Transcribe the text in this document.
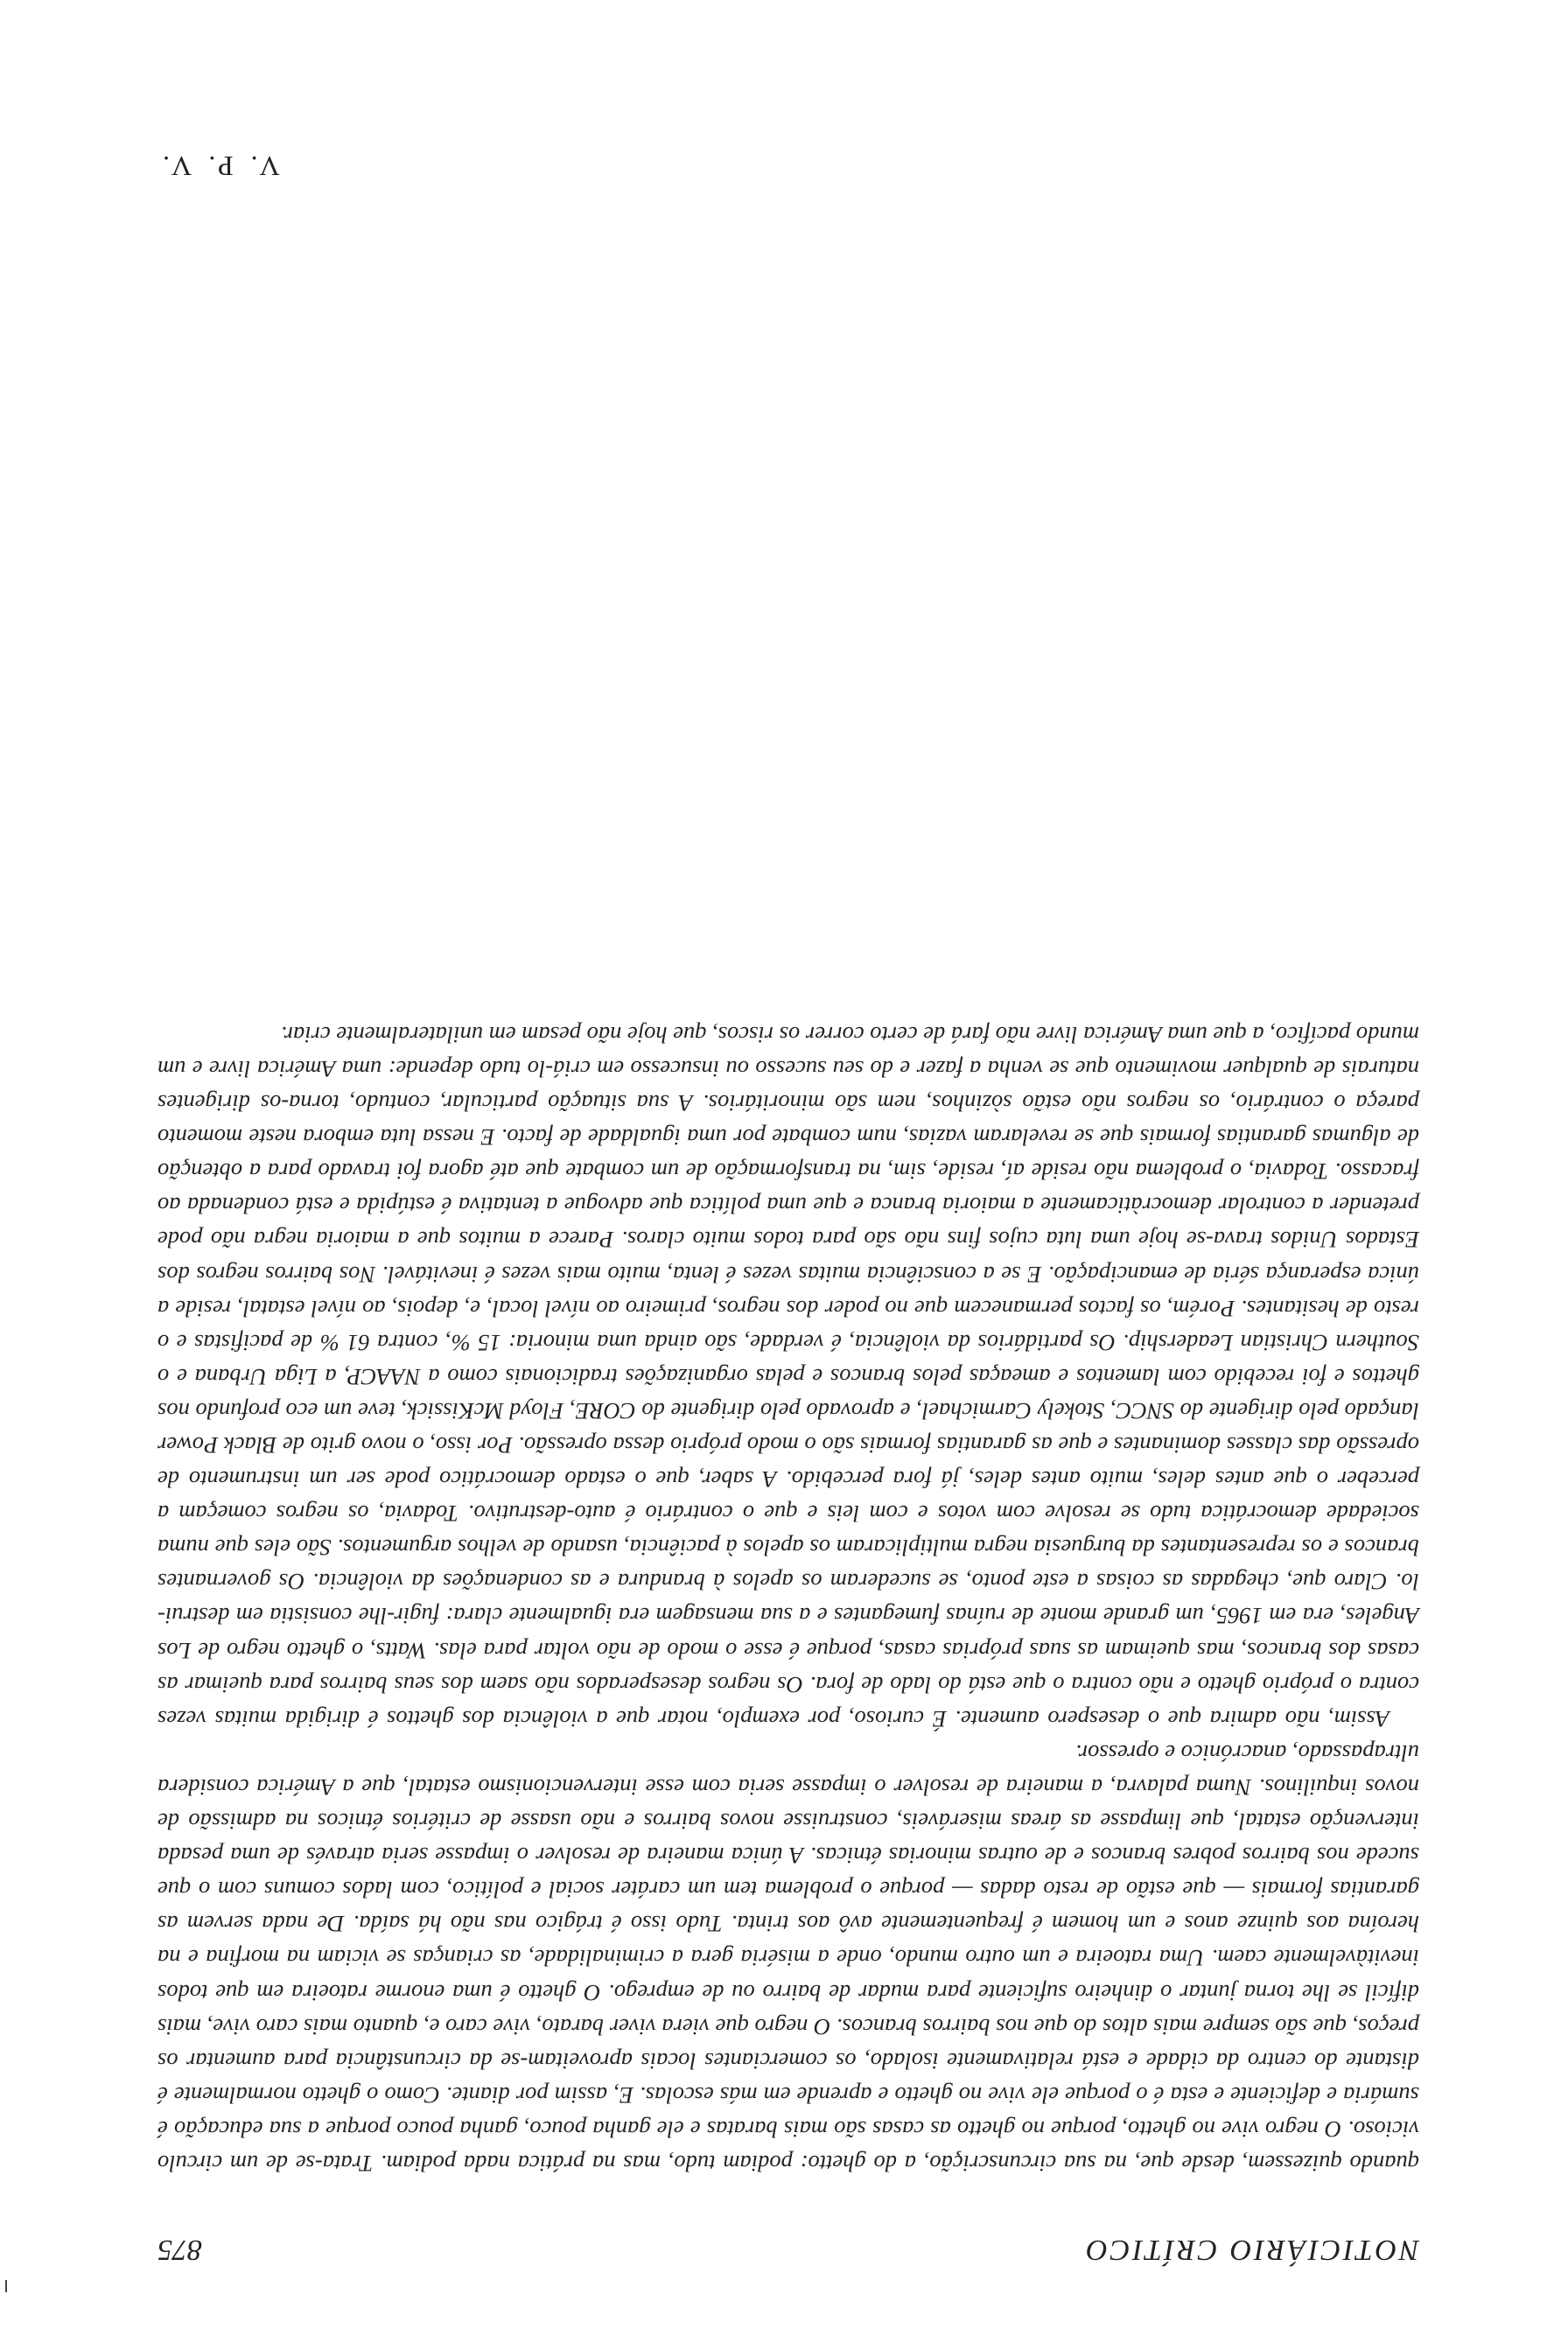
NOTICIÁRIO CRÍTICO
875

quando quizessem, desde que, na sua circunscrição, a do ghetto: podiam tudo, mas na prática nada podiam. Trata-se de um circulo vicioso. O negro vive no ghetto, porque no ghetto as casas são mais baratas e ele ganha pouco, ganha pouco porque a sua educação é sumária e deficiente e esta é o porque ele vive no ghetto e aprende em más escolas. E, assim por diante. Como o ghetto normalmente é distante do centro da cidade e está relativamente isolado, os comerciantes locais aproveitam-se da circunstância para aumentar os preços, que são sempre mais altos do que nos bairros brancos. O negro que viera viver barato, vive caro e, quanto mais caro vive, mais difícil se lhe torna juntar o dinheiro suficiente para mudar de bairro ou de emprego. O ghetto é uma enorme ratoeira em que todos inevitàvelmente caem. Uma ratoeira e um outro mundo, onde a miséria gera a criminalidade, as crianças se viciam na morfina e na heroína aos quinze anos e um homem é frequentemente avô aos trinta. Tudo isso é trágico nas não há saída. De nada servem as garantias formais — que estão de resto dadas — porque o problema tem um caráter social e político, com lados comuns com o que sucede nos bairros pobres brancos e de outras minorias étnicas. A única maneira de resolver o impasse seria através de uma pesada intervenção estatal, que limpasse as áreas miseráveis, construisse novos bairros e não usasse de critérios étnicos na admissão de novos inquilinos. Numa palavra, a maneira de resolver o impasse seria com esse intervencionismo estatal, que a América considera ultrapassado, anacrónico e opressor.

Assim, não admira que o desespero aumente. É curioso, por exemplo, notar que a violência dos ghettos é dirigida muitas vezes contra o próprio ghetto e não contra o que está do lado de fora. Os negros desesperados não saem dos seus bairros para queimar as casas dos brancos, mas queimam as suas próprias casas, porque é esse o modo de não voltar para elas. Watts, o ghetto negro de Los Angeles, era em 1965, um grande monte de ruínas fumegantes e a sua mensagem era igualmente clara: fugir-lhe consistia em destrui-lo. Claro que, chegadas as coisas a este ponto, se sucederam os apelos à brandura e as condenações da violência. Os governantes brancos e os representantes da burguesia negra multiplicaram os apelos à paciência, usando de velhos argumentos. São eles que numa sociedade democrática tudo se resolve com votos e com leis e que o contrário é auto-destrutivo. Todavia, os negros começam a perceber o que antes deles, muito antes deles, já fora percebido. A saber, que o estado democrático pode ser um instrumento de opressão das classes dominantes e que as garantias formais são o modo próprio dessa opressão. Por isso, o novo grito de Black Power lançado pelo dirigente do SNCC, Stokely Carmichael, e aprovado pelo dirigente do CORE, Floyd McKissick, teve um eco profundo nos ghettos e foi recebido com lamentos e ameaças pelos brancos e pelas organizações tradicionais como a NAACP, a Liga Urbana e o Southern Christian Leadership. Os partidários da violência, é verdade, são ainda uma minoria: 15 %, contra 61 % de pacifistas e o resto de hesitantes. Porém, os factos permanecem que no poder dos negros, primeiro ao nível local, e, depois, ao nível estatal, reside a única esperança séria de emancipação. E se a consciência muitas vezes é lenta, muito mais vezes é inevitável. Nos bairros negros dos Estados Unidos trava-se hoje uma luta cujos fins não são para todos muito claros. Parece a muitos que a maioria negra não pode pretender a controlar democràticamente a maioria branca e que uma política que advogue a tentativa é estúpida e está condenada ao fracasso. Todavia, o problema não reside aí, reside, sim, na transformação de um combate que até agora foi travado para a obtenção de algumas garantias formais que se revelaram vazias, num combate por uma igualdade de facto. E nessa luta embora neste momento pareça o contrário, os negros não estão sòzinhos, nem são minoritários. A sua situação particular, contudo, torna-os dirigentes naturais de qualquer movimento que se venha a fazer e do seu sucesso ou insucesso em criá-lo tudo depende: uma América livre e um mundo pacífico, a que uma América livre não fará de certo correr os riscos, que hoje não pesam em unilateralmente criar.

V. P. V.
